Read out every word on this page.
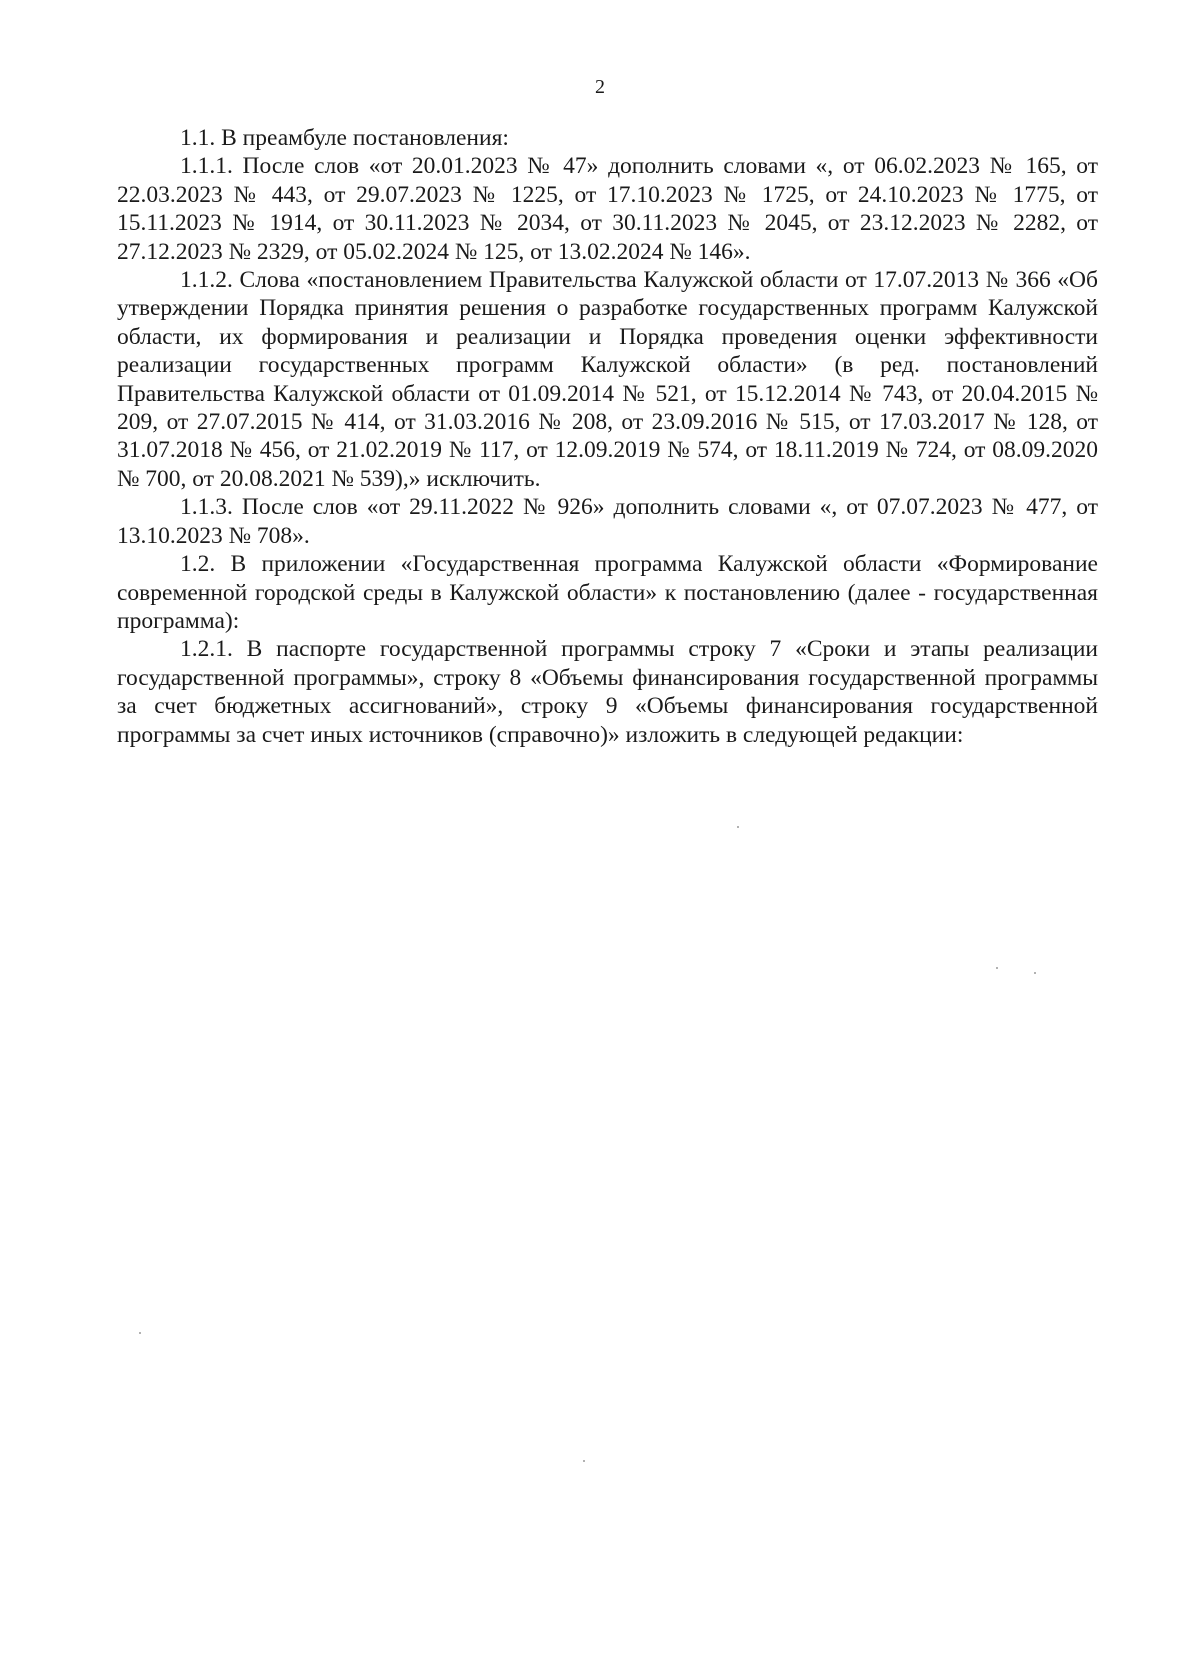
2

1.1. В преамбуле постановления:

1.1.1. После слов «от 20.01.2023 № 47» дополнить словами «, от 06.02.2023 № 165, от 22.03.2023 № 443, от 29.07.2023 № 1225, от 17.10.2023 № 1725, от 24.10.2023 № 1775, от 15.11.2023 № 1914, от 30.11.2023 № 2034, от 30.11.2023 № 2045, от 23.12.2023 № 2282, от 27.12.2023 № 2329, от 05.02.2024 № 125, от 13.02.2024 № 146».

1.1.2. Слова «постановлением Правительства Калужской области от 17.07.2013 № 366 «Об утверждении Порядка принятия решения о разработке государственных программ Калужской области, их формирования и реализации и Порядка проведения оценки эффективности реализации государственных программ Калужской области» (в ред. постановлений Правительства Калужской области от 01.09.2014 № 521, от 15.12.2014 № 743, от 20.04.2015 № 209, от 27.07.2015 № 414, от 31.03.2016 № 208, от 23.09.2016 № 515, от 17.03.2017 № 128, от 31.07.2018 № 456, от 21.02.2019 № 117, от 12.09.2019 № 574, от 18.11.2019 № 724, от 08.09.2020 № 700, от 20.08.2021 № 539),» исключить.

1.1.3. После слов «от 29.11.2022 № 926» дополнить словами «, от 07.07.2023 № 477, от 13.10.2023 № 708».

1.2. В приложении «Государственная программа Калужской области «Формирование современной городской среды в Калужской области» к постановлению (далее - государственная программа):

1.2.1. В паспорте государственной программы строку 7 «Сроки и этапы реализации государственной программы», строку 8 «Объемы финансирования государственной программы за счет бюджетных ассигнований», строку 9 «Объемы финансирования государственной программы за счет иных источников (справочно)» изложить в следующей редакции:
